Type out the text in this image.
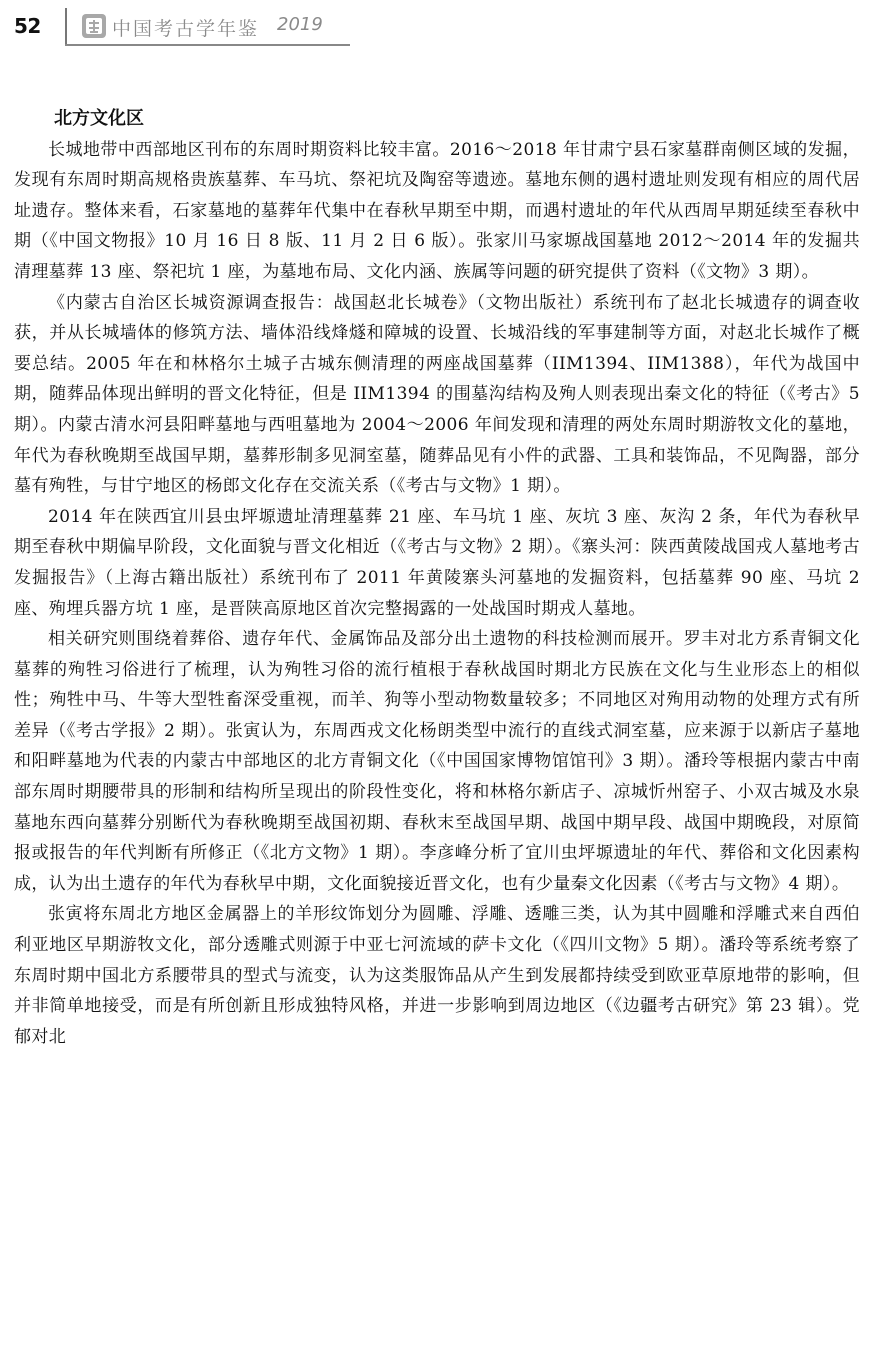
52	中国考古学年鉴 2019
北方文化区

长城地带中西部地区刊布的东周时期资料比较丰富。2016～2018 年甘肃宁县石家墓群南侧区域的发掘，发现有东周时期高规格贵族墓葬、车马坑、祭祀坑及陶窑等遗迹。墓地东侧的遇村遗址则发现有相应的周代居址遗存。整体来看，石家墓地的墓葬年代集中在春秋早期至中期，而遇村遗址的年代从西周早期延续至春秋中期（《中国文物报》10 月 16 日 8 版、11 月 2 日 6 版）。张家川马家塬战国墓地 2012～2014 年的发掘共清理墓葬 13 座、祭祀坑 1 座，为墓地布局、文化内涵、族属等问题的研究提供了资料（《文物》3 期）。

《内蒙古自治区长城资源调查报告：战国赵北长城卷》（文物出版社）系统刊布了赵北长城遗存的调查收获，并从长城墙体的修筑方法、墙体沿线烽燧和障城的设置、长城沿线的军事建制等方面，对赵北长城作了概要总结。2005 年在和林格尔土城子古城东侧清理的两座战国墓葬（IIM1394、IIM1388），年代为战国中期，随葬品体现出鲜明的晋文化特征，但是 IIM1394 的围墓沟结构及殉人则表现出秦文化的特征（《考古》5 期）。内蒙古清水河县阳畔墓地与西咀墓地为 2004～2006 年间发现和清理的两处东周时期游牧文化的墓地，年代为春秋晚期至战国早期，墓葬形制多见洞室墓，随葬品见有小件的武器、工具和装饰品，不见陶器，部分墓有殉牲，与甘宁地区的杨郎文化存在交流关系（《考古与文物》1 期）。

2014 年在陕西宜川县虫坪塬遗址清理墓葬 21 座、车马坑 1 座、灰坑 3 座、灰沟 2 条，年代为春秋早期至春秋中期偏早阶段，文化面貌与晋文化相近（《考古与文物》2 期）。《寨头河：陕西黄陵战国戎人墓地考古发掘报告》（上海古籍出版社）系统刊布了 2011 年黄陵寨头河墓地的发掘资料，包括墓葬 90 座、马坑 2 座、殉埋兵器方坑 1 座，是晋陕高原地区首次完整揭露的一处战国时期戎人墓地。

相关研究则围绕着葬俗、遗存年代、金属饰品及部分出土遗物的科技检测而展开。罗丰对北方系青铜文化墓葬的殉牲习俗进行了梳理，认为殉牲习俗的流行植根于春秋战国时期北方民族在文化与生业形态上的相似性；殉牲中马、牛等大型牲畜深受重视，而羊、狗等小型动物数量较多；不同地区对殉用动物的处理方式有所差异（《考古学报》2 期）。张寅认为，东周西戎文化杨朗类型中流行的直线式洞室墓，应来源于以新店子墓地和阳畔墓地为代表的内蒙古中部地区的北方青铜文化（《中国国家博物馆馆刊》3 期）。潘玲等根据内蒙古中南部东周时期腰带具的形制和结构所呈现出的阶段性变化，将和林格尔新店子、凉城忻州窑子、小双古城及水泉墓地东西向墓葬分别断代为春秋晚期至战国初期、春秋末至战国早期、战国中期早段、战国中期晚段，对原简报或报告的年代判断有所修正（《北方文物》1 期）。李彦峰分析了宜川虫坪塬遗址的年代、葬俗和文化因素构成，认为出土遗存的年代为春秋早中期，文化面貌接近晋文化，也有少量秦文化因素（《考古与文物》4 期）。

张寅将东周北方地区金属器上的羊形纹饰划分为圆雕、浮雕、透雕三类，认为其中圆雕和浮雕式来自西伯利亚地区早期游牧文化，部分透雕式则源于中亚七河流域的萨卡文化（《四川文物》5 期）。潘玲等系统考察了东周时期中国北方系腰带具的型式与流变，认为这类服饰品从产生到发展都持续受到欧亚草原地带的影响，但并非简单地接受，而是有所创新且形成独特风格，并进一步影响到周边地区（《边疆考古研究》第 23 辑）。党郁对北
